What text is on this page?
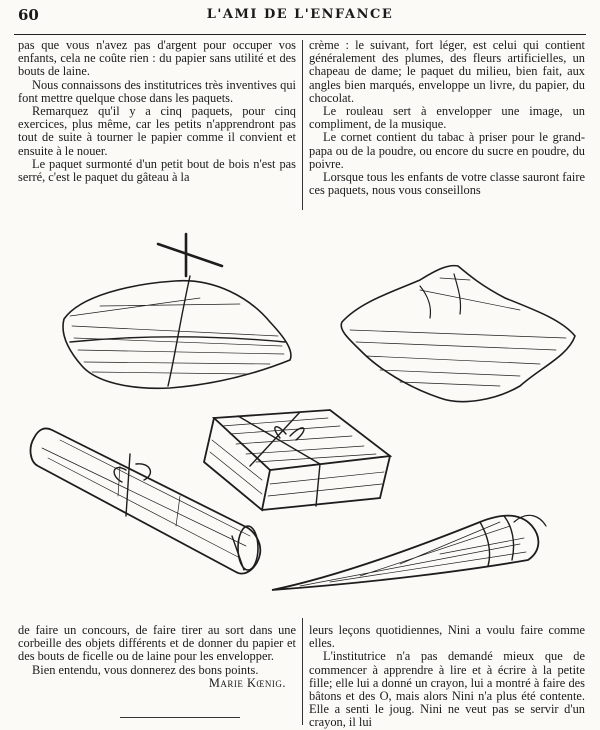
60	L'AMI DE L'ENFANCE

pas que vous n'avez pas d'argent pour occuper vos enfants, cela ne coûte rien : du papier sans utilité et des bouts de laine.

Nous connaissons des institutrices très inventives qui font mettre quelque chose dans les paquets.

Remarquez qu'il y a cinq paquets, pour cinq exercices, plus même, car les petits n'apprendront pas tout de suite à tourner le papier comme il convient et ensuite à le nouer.

Le paquet surmonté d'un petit bout de bois n'est pas serré, c'est le paquet du gâteau à la

crème : le suivant, fort léger, est celui qui contient généralement des plumes, des fleurs artificielles, un chapeau de dame; le paquet du milieu, bien fait, aux angles bien marqués, enveloppe un livre, du papier, du chocolat.

Le rouleau sert à envelopper une image, un compliment, de la musique.

Le cornet contient du tabac à priser pour le grand-papa ou de la poudre, ou encore du sucre en poudre, du poivre.

Lorsque tous les enfants de votre classe sauront faire ces paquets, nous vous conseillons

de faire un concours, de faire tirer au sort dans une corbeille des objets différents et de donner du papier et des bouts de ficelle ou de laine pour les envelopper.

Bien entendu, vous donnerez des bons points.

Marie Kœnig.

leurs leçons quotidiennes, Nini a voulu faire comme elles.

L'institutrice n'a pas demandé mieux que de commencer à apprendre à lire et à écrire à la petite fille; elle lui a donné un crayon, lui a montré à faire des bâtons et des O, mais alors Nini n'a plus été contente. Elle a senti le joug. Nini ne veut pas se servir d'un crayon, il lui
